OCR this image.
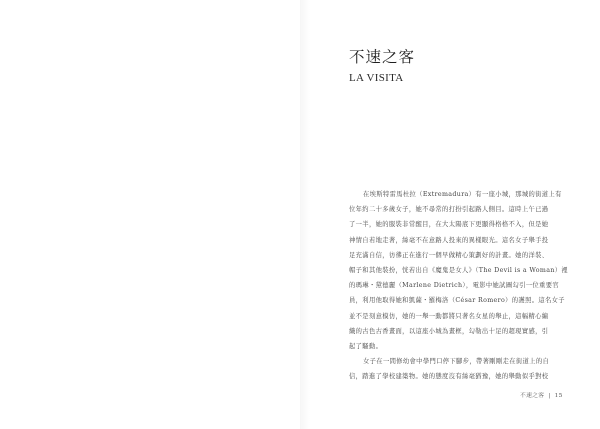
不速之客
LA VISITA
在埃斯特雷馬杜拉（Extremadura）有一座小城，那城的街道上有
位年約二十多歲女子，她不尋常的打扮引起路人側目。這時上午已過
了一半，她的服裝非常醒目，在大太陽底下更顯得格格不入，但是她
神情自若地走著，絲毫不在意路人投來的異樣眼光。這名女子舉手投
足充滿自信，彷彿正在進行一個早做精心策劃好的計畫。她的洋裝、
帽子和其他裝扮，恍若出自《魔鬼是女人》（The Devil is a Woman）裡
的瑪琳・黛德麗（Marlene Dietrich），電影中她試圖勾引一位重要官
員，利用他取得她和凱薩・羅梅洛（César Romero）的護照。這名女子
並不是刻意模仿，她的一舉一動都將只著名女星的舉止，這幅精心編
織的古色古香畫面，以這座小城為畫框，勾勒出十足的超現實感，引
起了騷動。
女子在一間修幼會中學門口停下腳步，帶著剛剛走在街道上的自
信，踏進了學校建築物。她的態度沒有絲毫猶豫，她的舉動似乎對校
不速之客 | 15
